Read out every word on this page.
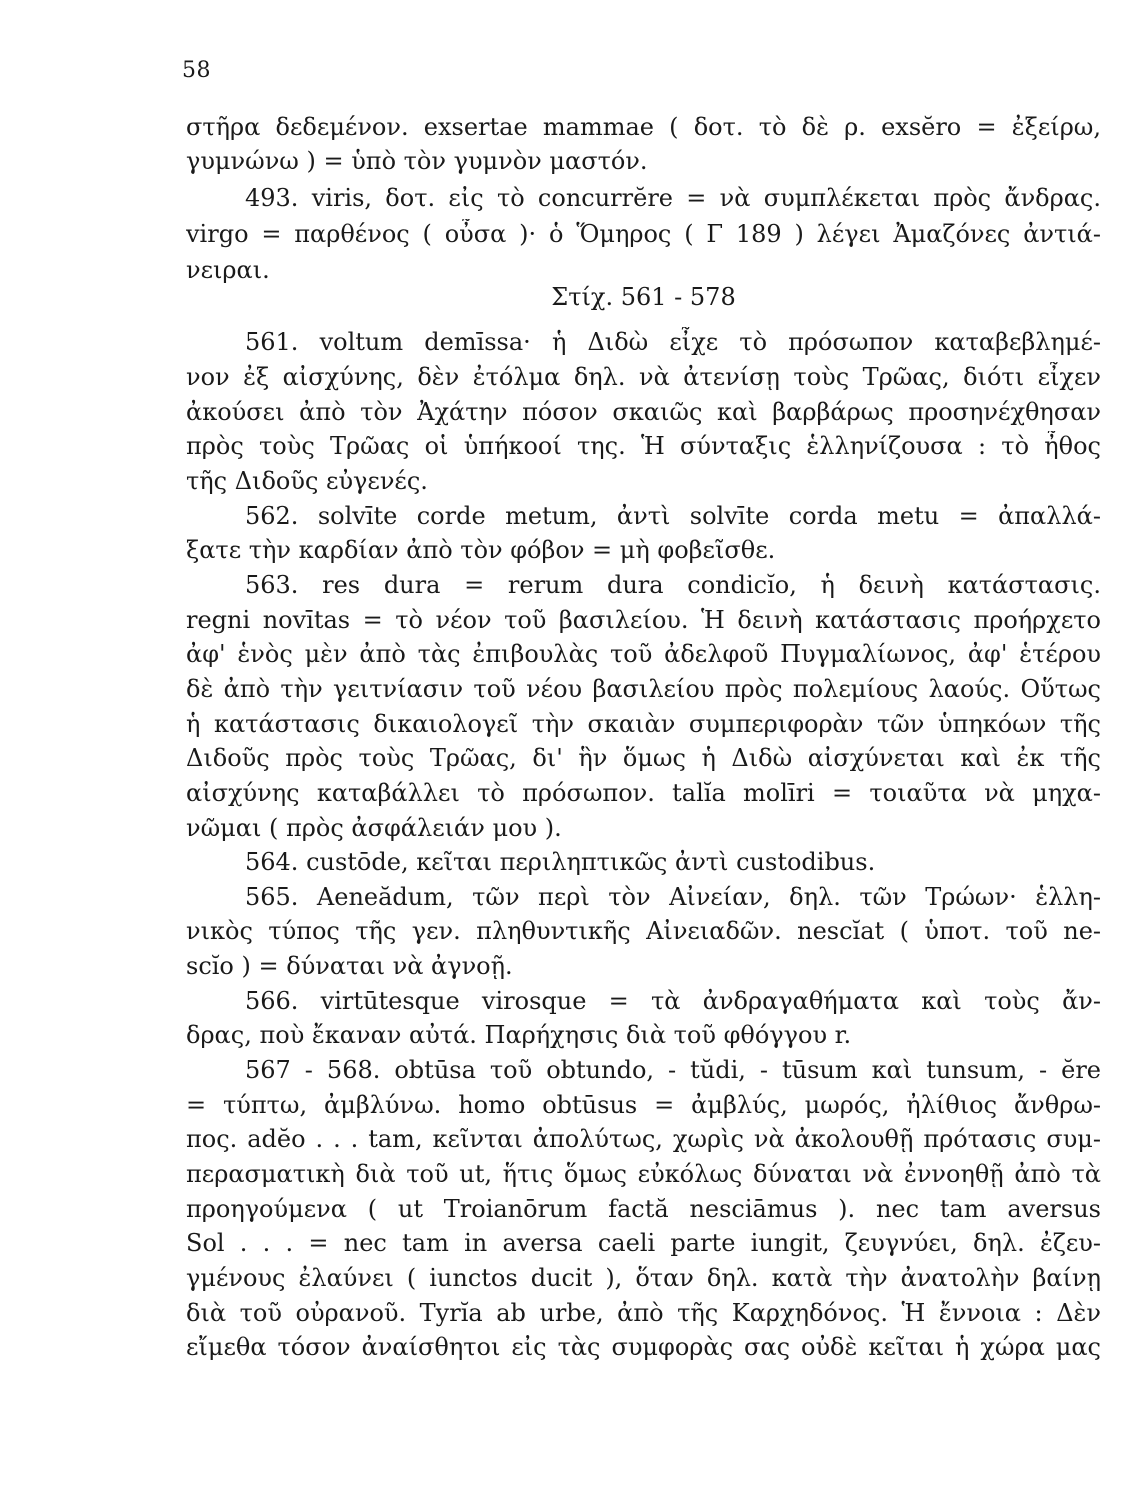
58
στῆρα δεδεμένον. exsertae mammae ( δοτ. τὸ δὲ ρ. exsĕro = ἐξείρω,
γυμνώνω ) = ὑπὸ τὸν γυμνὸν μαστόν.
493. viris, δοτ. εἰς τὸ concurrĕre = νὰ συμπλέκεται πρὸς ἄνδρας.
virgo = παρθένος ( οὖσα )· ὁ Ὅμηρος ( Γ 189 ) λέγει Ἀμαζόνες ἀντιά-
νειραι.
Στίχ. 561 - 578
561. voltum demīssa· ἡ Διδὼ εἶχε τὸ πρόσωπον καταβεβλημέ-
νον ἐξ αἰσχύνης, δὲν ἐτόλμα δηλ. νὰ ἀτενίσῃ τοὺς Τρῶας, διότι εἶχεν
ἀκούσει ἀπὸ τὸν Ἀχάτην πόσον σκαιῶς καὶ βαρβάρως προσηνέχθησαν
πρὸς τοὺς Τρῶας οἱ ὑπήκοοί της. Ἡ σύνταξις ἑλληνίζουσα : τὸ ἦθος
τῆς Διδοῦς εὐγενές.
562. solvīte corde metum, ἀντὶ solvīte corda metu = ἀπαλλά-
ξατε τὴν καρδίαν ἀπὸ τὸν φόβον = μὴ φοβεῖσθε.
563. res dura = rerum dura condicĭo, ἡ δεινὴ κατάστασις.
regni novītas = τὸ νέον τοῦ βασιλείου. Ἡ δεινὴ κατάστασις προήρχετο
ἀφ' ἑνὸς μὲν ἀπὸ τὰς ἐπιβουλὰς τοῦ ἀδελφοῦ Πυγμαλίωνος, ἀφ' ἑτέρου
δὲ ἀπὸ τὴν γειτνίασιν τοῦ νέου βασιλείου πρὸς πολεμίους λαούς. Οὕτως
ἡ κατάστασις δικαιολογεῖ τὴν σκαιὰν συμπεριφορὰν τῶν ὑπηκόων τῆς
Διδοῦς πρὸς τοὺς Τρῶας, δι' ἣν ὅμως ἡ Διδὼ αἰσχύνεται καὶ ἐκ τῆς
αἰσχύνης καταβάλλει τὸ πρόσωπον. talĭa molīri = τοιαῦτα νὰ μηχα-
νῶμαι ( πρὸς ἀσφάλειάν μου ).
564. custōde, κεῖται περιληπτικῶς ἀντὶ custodibus.
565. Aeneădum, τῶν περὶ τὸν Αἰνείαν, δηλ. τῶν Τρώων· ἑλλη-
νικὸς τύπος τῆς γεν. πληθυντικῆς Αἰνειαδῶν. nescĭat ( ὑποτ. τοῦ ne-
scĭo ) = δύναται νὰ ἀγνοῇ.
566. virtūtesque virosque = τὰ ἀνδραγαθήματα καὶ τοὺς ἄν-
δρας, ποὺ ἔκαναν αὐτά. Παρήχησις διὰ τοῦ φθόγγου r.
567 - 568. obtūsa τοῦ obtundo, - tŭdi, - tūsum καὶ tunsum, - ĕre
= τύπτω, ἀμβλύνω. homo obtūsus = ἀμβλύς, μωρός, ἠλίθιος ἄνθρω-
πος. adĕo . . . tam, κεῖνται ἀπολύτως, χωρὶς νὰ ἀκολουθῇ πρότασις συμ-
περασματικὴ διὰ τοῦ ut, ἥτις ὅμως εὐκόλως δύναται νὰ ἐννοηθῇ ἀπὸ τὰ
προηγούμενα ( ut Troianōrum factă nesciāmus ). nec tam aversus
Sol . . . = nec tam in aversa caeli parte iungit, ζευγνύει, δηλ. ἐζευ-
γμένους ἐλαύνει ( iunctos ducit ), ὅταν δηλ. κατὰ τὴν ἀνατολὴν βαίνῃ
διὰ τοῦ οὐρανοῦ. Tyrĭa ab urbe, ἀπὸ τῆς Καρχηδόνος. Ἡ ἔννοια : Δὲν
εἴμεθα τόσον ἀναίσθητοι εἰς τὰς συμφορὰς σας οὐδὲ κεῖται ἡ χώρα μας
